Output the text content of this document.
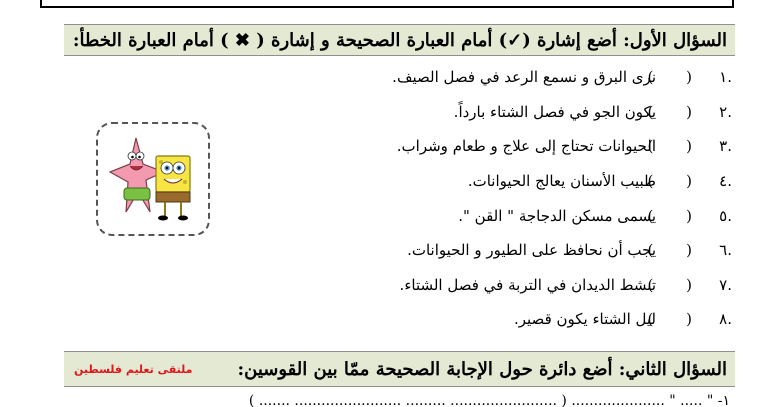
السؤال الأول: أضع إشارة (✓) أمام العبارة الصحيحة و إشارة ( ✖ ) أمام العبارة الخطأ:
.١
( )
نرى البرق و نسمع الرعد في فصل الصيف.
.٢
( )
يكون الجو في فصل الشتاء بارداً.
.٣
( )
الحيوانات تحتاج إلى علاج و طعام وشراب.
.٤
( )
طبيب الأسنان يعالج الحيوانات.
.٥
( )
يسمى مسكن الدجاجة " القن ".
.٦
( )
يجب أن نحافظ على الطيور و الحيوانات.
.٧
( )
تنشط الديدان في التربة في فصل الشتاء.
.٨
( )
ليل الشتاء يكون قصير.
السؤال الثاني: أضع دائرة حول الإجابة الصحيحة ممّا بين القوسين:
ملتقى تعليم فلسطين
١- " ..... " ..................... ( ........................ ......... ........................ ....... )
